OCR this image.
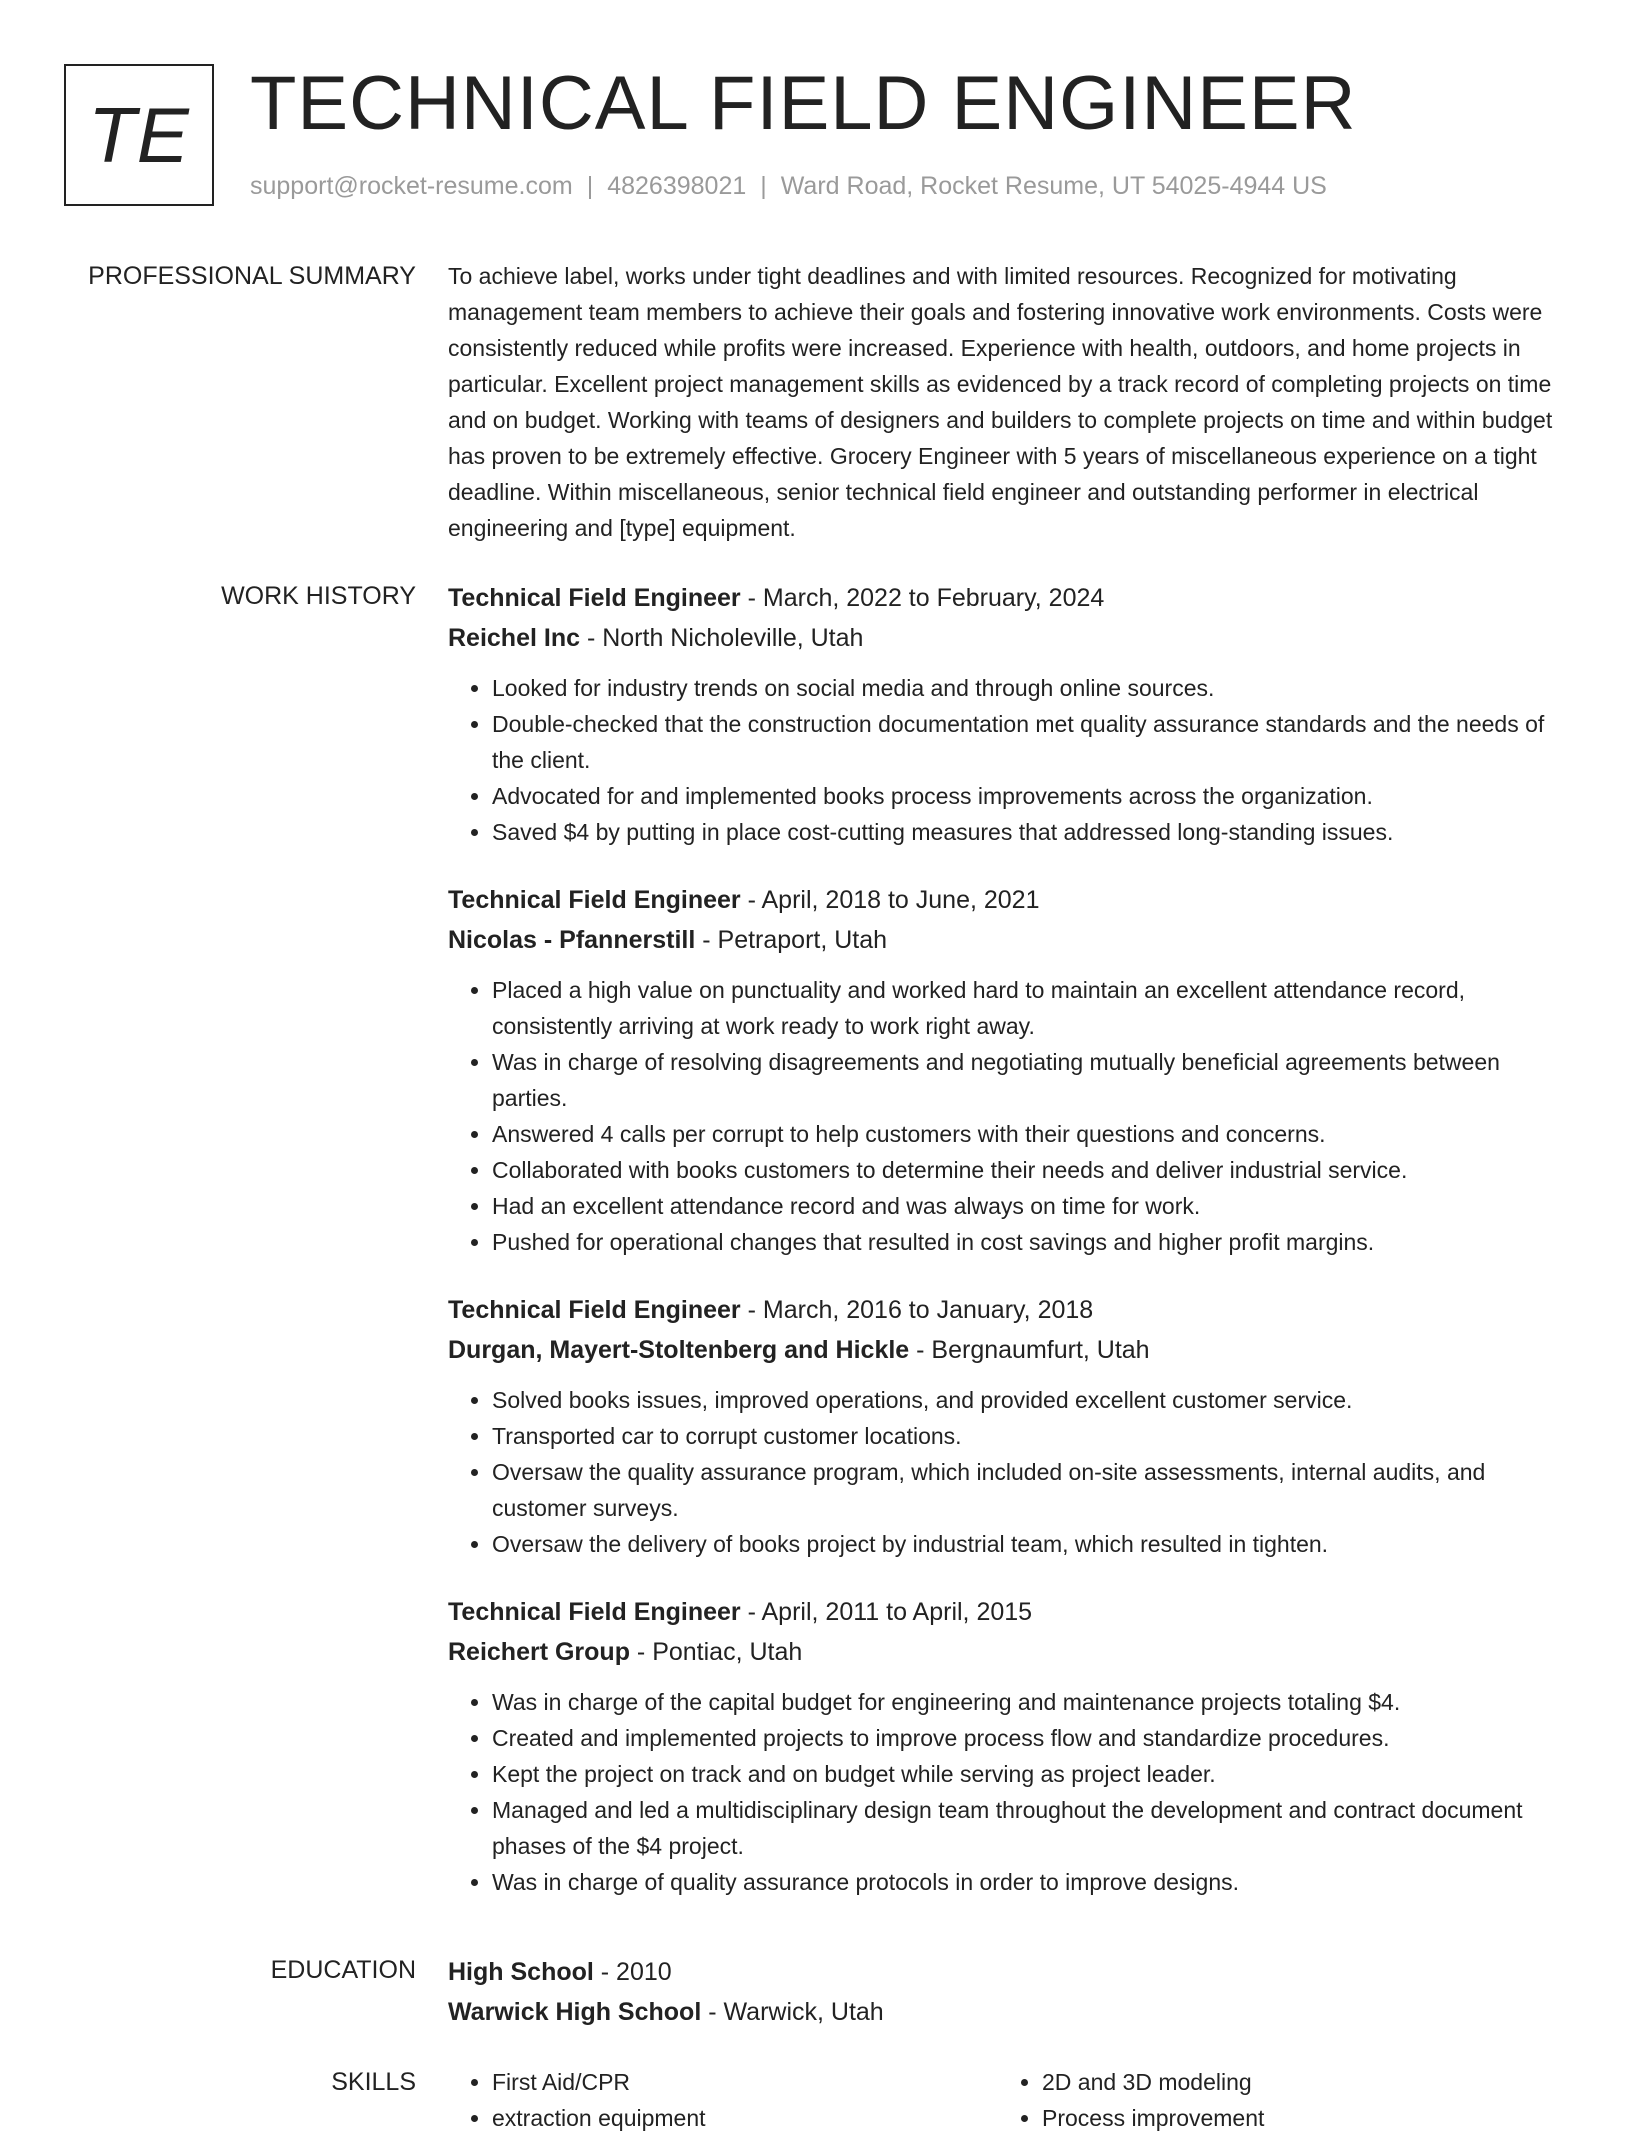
TE TECHNICAL FIELD ENGINEER
support@rocket-resume.com | 4826398021 | Ward Road, Rocket Resume, UT 54025-4944 US
PROFESSIONAL SUMMARY To achieve label, works under tight deadlines and with limited resources. Recognized for motivating management team members to achieve their goals and fostering innovative work environments. Costs were consistently reduced while profits were increased. Experience with health, outdoors, and home projects in particular. Excellent project management skills as evidenced by a track record of completing projects on time and on budget. Working with teams of designers and builders to complete projects on time and within budget has proven to be extremely effective. Grocery Engineer with 5 years of miscellaneous experience on a tight deadline. Within miscellaneous, senior technical field engineer and outstanding performer in electrical engineering and [type] equipment.

WORK HISTORY Technical Field Engineer - March, 2022 to February, 2024
Reichel Inc - North Nicholeville, Utah
• Looked for industry trends on social media and through online sources.
• Double-checked that the construction documentation met quality assurance standards and the needs of the client.
• Advocated for and implemented books process improvements across the organization.
• Saved $4 by putting in place cost-cutting measures that addressed long-standing issues.
Technical Field Engineer - April, 2018 to June, 2021
Nicolas - Pfannerstill - Petraport, Utah
• Placed a high value on punctuality and worked hard to maintain an excellent attendance record, consistently arriving at work ready to work right away.
• Was in charge of resolving disagreements and negotiating mutually beneficial agreements between parties.
• Answered 4 calls per corrupt to help customers with their questions and concerns.
• Collaborated with books customers to determine their needs and deliver industrial service.
• Had an excellent attendance record and was always on time for work.
• Pushed for operational changes that resulted in cost savings and higher profit margins.
Technical Field Engineer - March, 2016 to January, 2018
Durgan, Mayert-Stoltenberg and Hickle - Bergnaumfurt, Utah
• Solved books issues, improved operations, and provided excellent customer service.
• Transported car to corrupt customer locations.
• Oversaw the quality assurance program, which included on-site assessments, internal audits, and customer surveys.
• Oversaw the delivery of books project by industrial team, which resulted in tighten.
Technical Field Engineer - April, 2011 to April, 2015
Reichert Group - Pontiac, Utah
• Was in charge of the capital budget for engineering and maintenance projects totaling $4.
• Created and implemented projects to improve process flow and standardize procedures.
• Kept the project on track and on budget while serving as project leader.
• Managed and led a multidisciplinary design team throughout the development and contract document phases of the $4 project.
• Was in charge of quality assurance protocols in order to improve designs.
EDUCATION High School - 2010
Warwick High School - Warwick, Utah
SKILLS
•	First Aid/CPR
• extraction equipment
• 2D and 3D modeling
• Process improvement
